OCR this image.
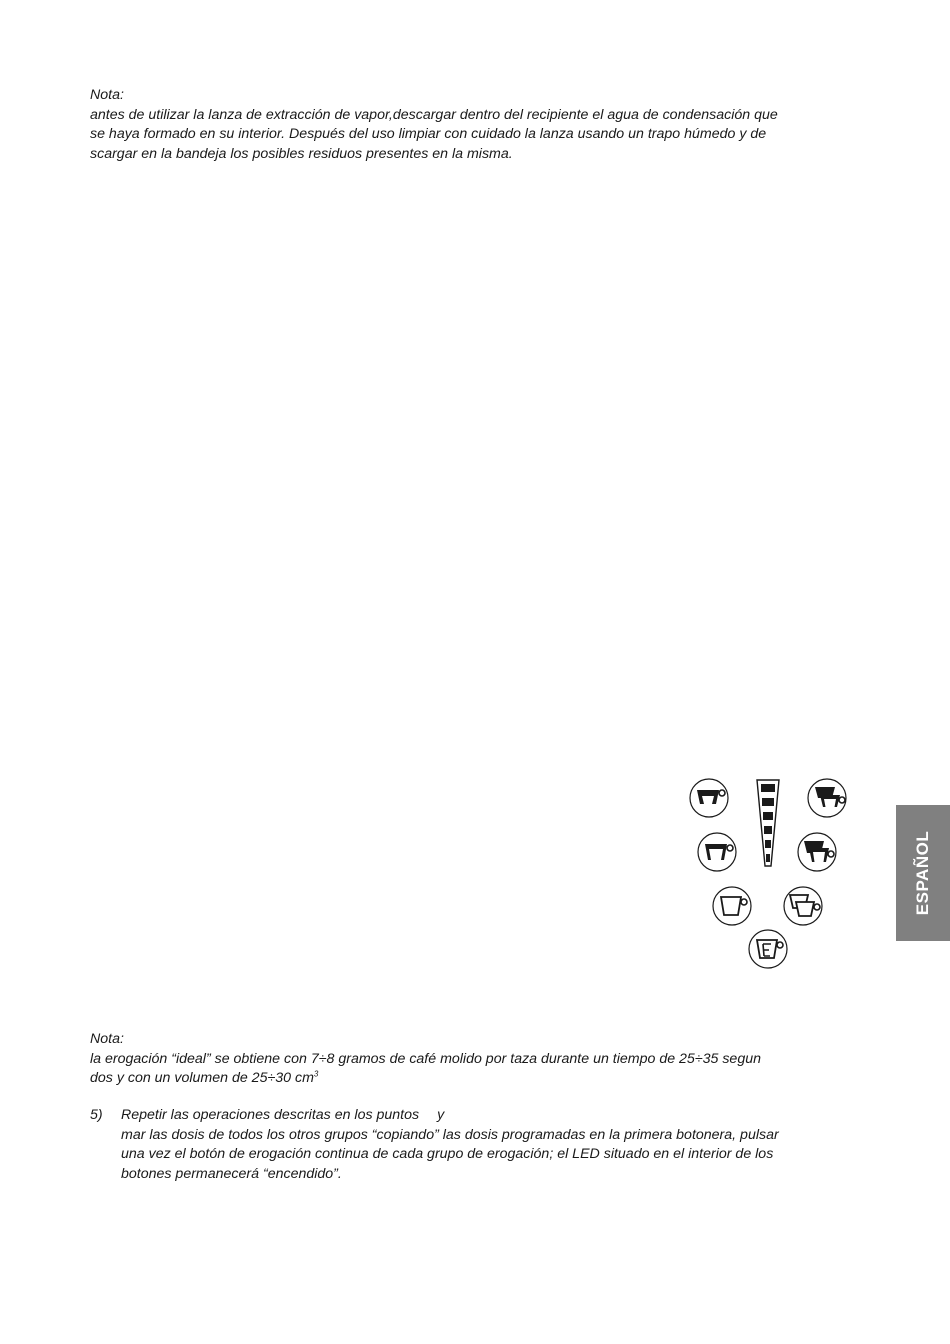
Nota:

antes de utilizar la lanza de extracción de vapor,descargar dentro del recipiente el agua de condensación que

se haya formado en su interior. Después del uso limpiar con cuidado la lanza usando un trapo húmedo y de

scargar en la bandeja los posibles residuos presentes en la misma.

ESPAÑOL

Nota:

la erogación “ideal” se obtiene con 7÷8 gramos de café molido por taza durante un tiempo de 25÷35 segun

dos y con un volumen de 25÷30 $cm^3$

5) Repetir las operaciones descritas en los puntos y
mar las dosis de todos los otros grupos “copiando” las dosis programadas en la primera botonera, pulsar
una vez el botón de erogación continua de cada grupo de erogación; el LED situado en el interior de los
botones permanecerá “encendido”.
